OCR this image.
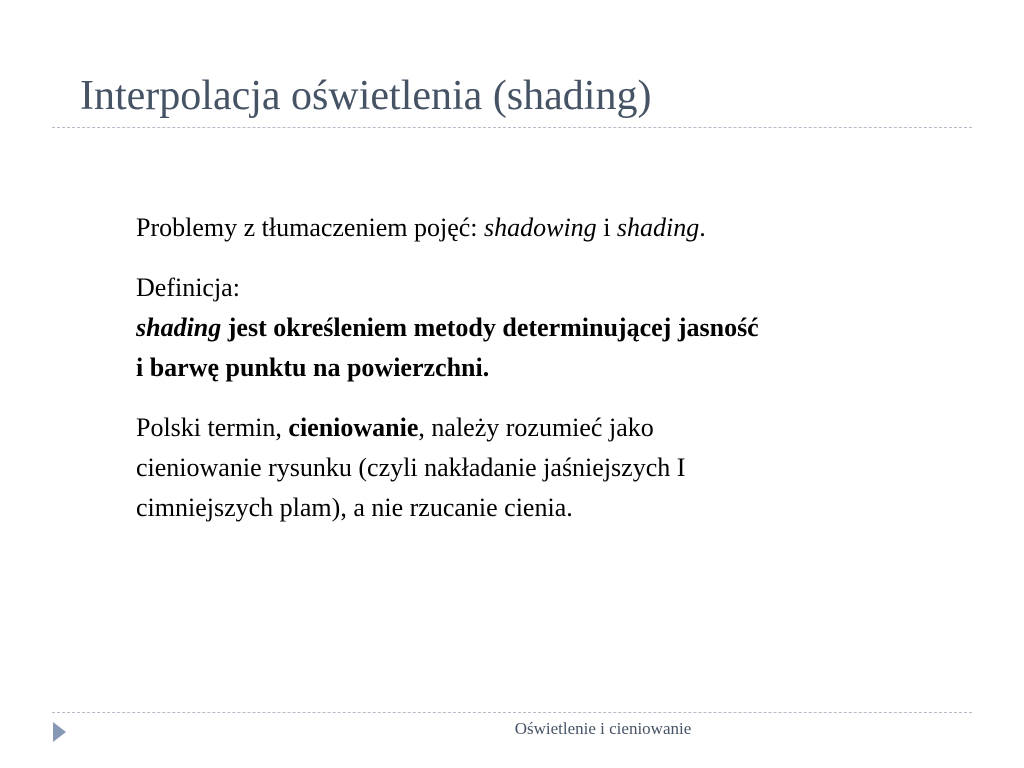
Interpolacja oświetlenia (shading)

Problemy z tłumaczeniem pojęć: shadowing i shading.

Definicja:
shading jest określeniem metody determinującej jasność
i barwę punktu na powierzchni.

Polski termin, cieniowanie, należy rozumieć jako
cieniowanie rysunku (czyli nakładanie jaśniejszych I
cimniejszych plam), a nie rzucanie cienia.

Oświetlenie i cieniowanie
